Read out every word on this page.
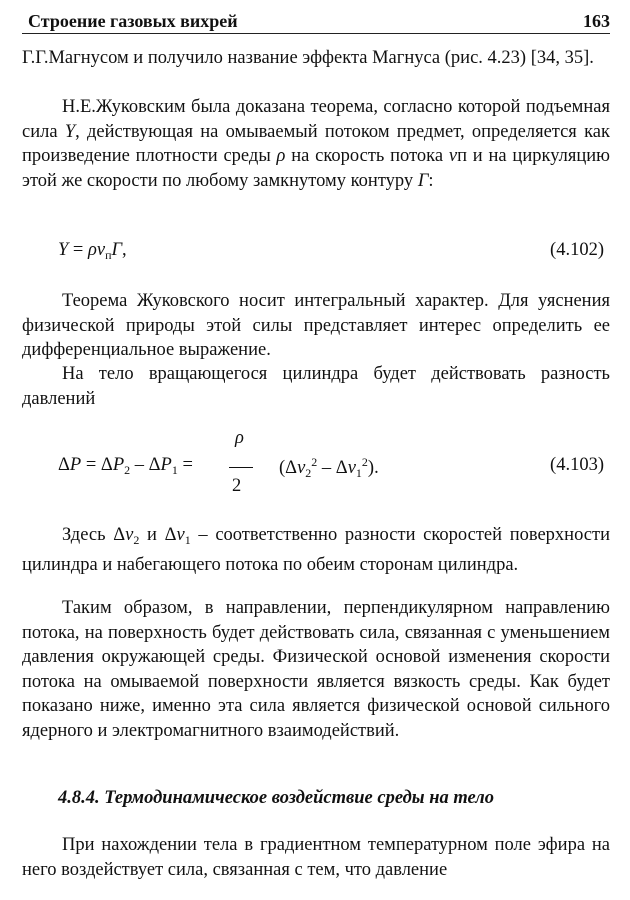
Строение газовых вихрей	163

Г.Г.Магнусом и получило название эффекта Магнуса (рис. 4.23) [34, 35].

Н.Е.Жуковским была доказана теорема, согласно которой подъемная сила Y, действующая на омываемый потоком предмет, определяется как произведение плотности среды ρ на скорость потока vп и на циркуляцию этой же скорости по любому замкнутому контуру Г:

$Y = \rho v_пГ$,	(4.102)

Теорема Жуковского носит интегральный характер. Для уяснения физической природы этой силы представляет интерес определить ее дифференциальное выражение.

На тело вращающегося цилиндра будет действовать разность давлений

ρ
2
$\Delta P = \Delta P_2 - \Delta P_1$ =	$(\Delta v_2^2 - \Delta v_1^2)$.	(4.103)

Здесь $\Delta v_2$ и $\Delta v_1$ – соответственно разности скоростей поверхности цилиндра и набегающего потока по обеим сторонам цилиндра.

Таким образом, в направлении, перпендикулярном направлению потока, на поверхность будет действовать сила, связанная с уменьшением давления окружающей среды. Физической основой изменения скорости потока на омываемой поверхности является вязкость среды. Как будет показано ниже, именно эта сила является физической основой сильного ядерного и электромагнитного взаимодействий.

4.8.4. Термодинамическое воздействие среды на тело

При нахождении тела в градиентном температурном поле эфира на него воздействует сила, связанная с тем, что давление
